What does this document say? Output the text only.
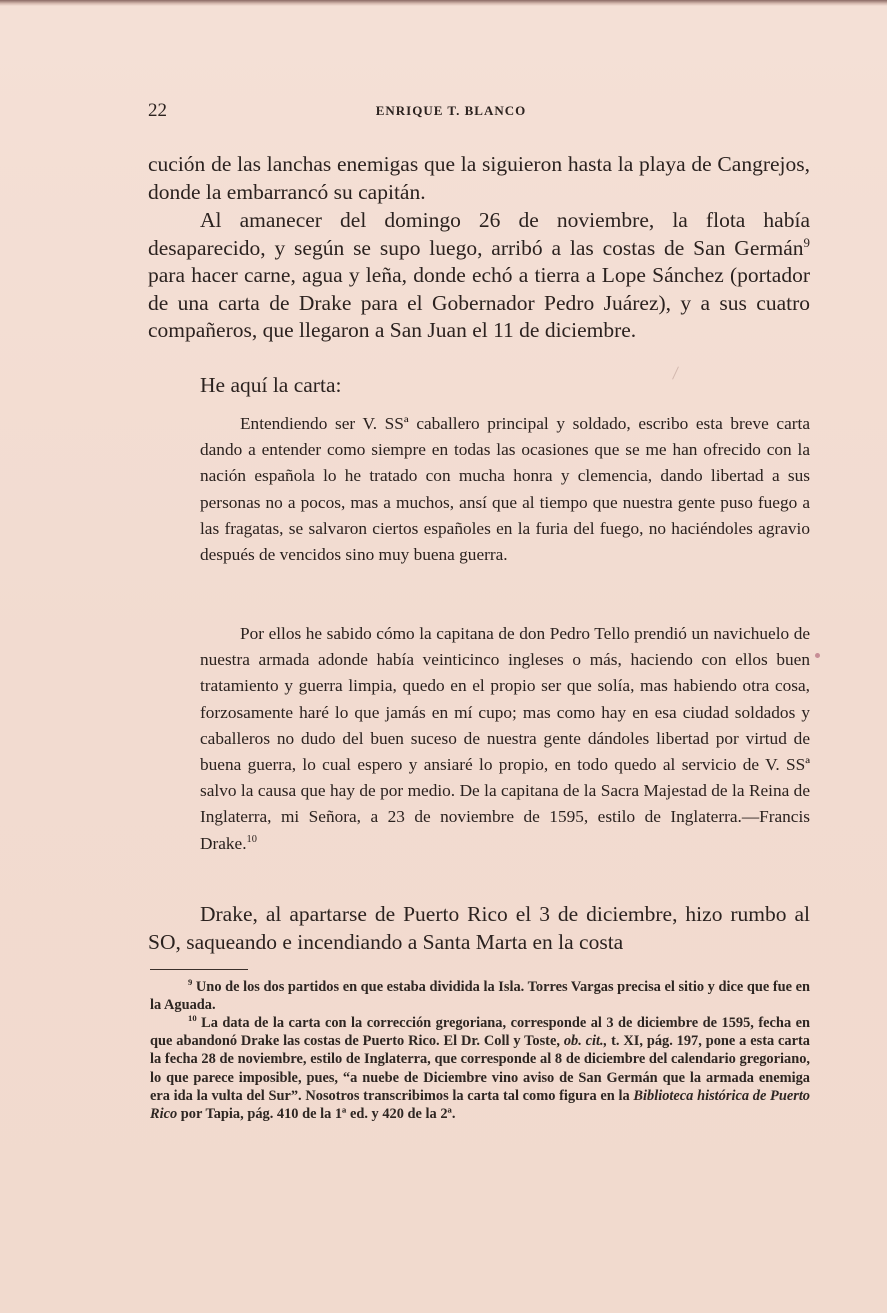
22	ENRIQUE T. BLANCO

cución de las lanchas enemigas que la siguieron hasta la playa de Cangrejos, donde la embarrancó su capitán.

Al amanecer del domingo 26 de noviembre, la flota había desaparecido, y según se supo luego, arribó a las costas de San Germán$^9$ para hacer carne, agua y leña, donde echó a tierra a Lope Sánchez (portador de una carta de Drake para el Gobernador Pedro Juárez), y a sus cuatro compañeros, que llegaron a San Juan el 11 de diciembre.

He aquí la carta:

Entendiendo ser V. SSª caballero principal y soldado, escribo esta breve carta dando a entender como siempre en todas las ocasiones que se me han ofrecido con la nación española lo he tratado con mucha honra y clemencia, dando libertad a sus personas no a pocos, mas a muchos, ansí que al tiempo que nuestra gente puso fuego a las fragatas, se salvaron ciertos españoles en la furia del fuego, no haciéndoles agravio después de vencidos sino muy buena guerra.

Por ellos he sabido cómo la capitana de don Pedro Tello prendió un navichuelo de nuestra armada adonde había veinticinco ingleses o más, haciendo con ellos buen tratamiento y guerra limpia, quedo en el propio ser que solía, mas habiendo otra cosa, forzosamente haré lo que jamás en mí cupo; mas como hay en esa ciudad soldados y caballeros no dudo del buen suceso de nuestra gente dándoles libertad por virtud de buena guerra, lo cual espero y ansiaré lo propio, en todo quedo al servicio de V. SSª salvo la causa que hay de por medio. De la capitana de la Sacra Majestad de la Reina de Inglaterra, mi Señora, a 23 de noviembre de 1595, estilo de Inglaterra.—Francis Drake.$^{10}$

Drake, al apartarse de Puerto Rico el 3 de diciembre, hizo rumbo al SO, saqueando e incendiando a Santa Marta en la costa

$^9$ Uno de los dos partidos en que estaba dividida la Isla. Torres Vargas precisa el sitio y dice que fue en la Aguada.

$^{10}$ La data de la carta con la corrección gregoriana, corresponde al 3 de diciembre de 1595, fecha en que abandonó Drake las costas de Puerto Rico. El Dr. Coll y Toste, ob. cit., t. XI, pág. 197, pone a esta carta la fecha 28 de noviembre, estilo de Inglaterra, que corresponde al 8 de diciembre del calendario gregoriano, lo que parece imposible, pues, “a nuebe de Diciembre vino aviso de San Germán que la armada enemiga era ida la vulta del Sur”. Nosotros transcribimos la carta tal como figura en la Biblioteca histórica de Puerto Rico por Tapia, pág. 410 de la 1ª ed. y 420 de la 2ª.
